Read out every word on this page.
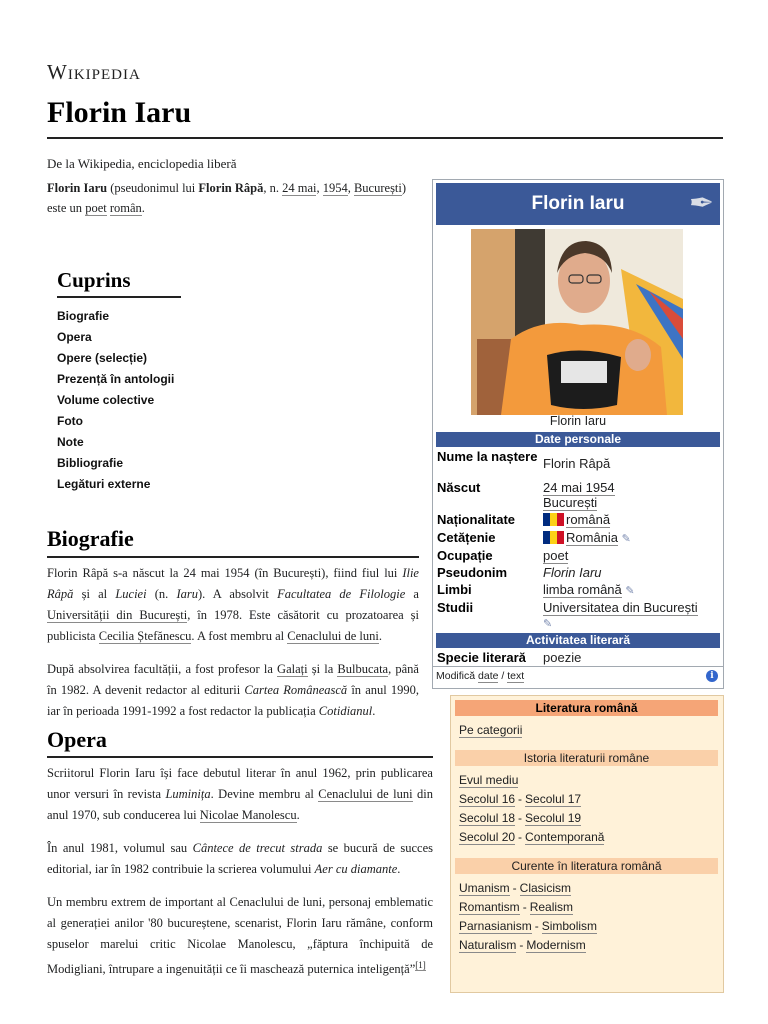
Wikipedia
Florin Iaru
De la Wikipedia, enciclopedia liberă

Florin Iaru (pseudonimul lui Florin Râpă, n. 24 mai, 1954, București)
este un poet român.

Cuprins
Biografie
Opera
Opere (selecție)
Prezență în antologii
Volume colective
Foto
Note
Bibliografie
Legături externe
Biografie

Florin Râpă s-a născut la 24 mai 1954 (în București), fiind fiul lui Ilie Râpă și al Luciei (n. Iaru). A absolvit Facultatea de Filologie a Universității din București, în 1978. Este căsătorit cu prozatoarea și publicista Cecilia Ștefănescu. A fost membru al Cenaclului de luni.

După absolvirea facultății, a fost profesor la Galați și la Bulbucata, până în 1982. A devenit redactor al editurii Cartea Românească în anul 1990, iar în perioada 1991-1992 a fost redactor la publicația Cotidianul.

Opera

Scriitorul Florin Iaru își face debutul literar în anul 1962, prin publicarea unor versuri în revista Luminița. Devine membru al Cenaclului de luni din anul 1970, sub conducerea lui Nicolae Manolescu.

În anul 1981, volumul sau Cântece de trecut strada se bucură de succes editorial, iar în 1982 contribuie la scrierea volumului Aer cu diamante.

Un membru extrem de important al Cenaclului de luni, personaj emblematic al generației anilor '80 bucureștene, scenarist, Florin Iaru rămâne, conform spuselor marelui critic Nicolae Manolescu, „făptura închipuită de Modigliani, întrupare a ingenuității ce îi maschează puternica inteligență”[1]

Florin Iaru ✒
Florin Iaru
Date personale
Nume la naștere Florin Râpă
Născut	24 mai 1954
București
Naționalitate	română
Cetățenie	România ✎
Ocupație	poet
Pseudonim	Florin Iaru
Limbi	limba română ✎
Studii	Universitatea din București
✎
Activitatea literară
Specie literară	poezie
Modifică date / text	i
Literatura română
Pe categorii
Istoria literaturii române
Evul mediu
Secolul 16 - Secolul 17
Secolul 18 - Secolul 19
Secolul 20 - Contemporană
Curente în literatura română
Umanism - Clasicism
Romantism - Realism
Parnasianism - Simbolism
Naturalism - Modernism
